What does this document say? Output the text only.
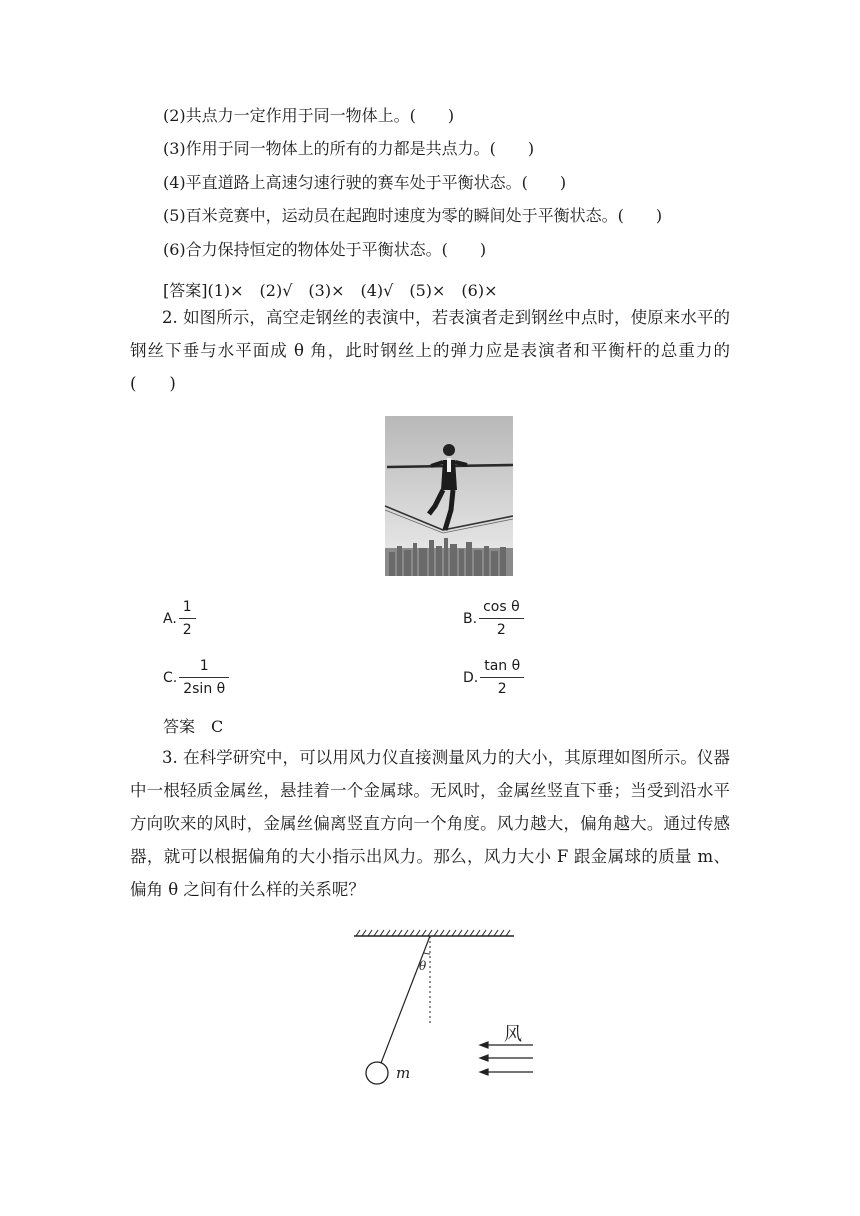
(2)共点力一定作用于同一物体上。(　　)
(3)作用于同一物体上的所有的力都是共点力。(　　)
(4)平直道路上高速匀速行驶的赛车处于平衡状态。(　　)
(5)百米竞赛中，运动员在起跑时速度为零的瞬间处于平衡状态。(　　)
(6)合力保持恒定的物体处于平衡状态。(　　)
[答案](1)×　(2)√　(3)×　(4)√　(5)×　(6)×
2. 如图所示，高空走钢丝的表演中，若表演者走到钢丝中点时，使原来水平的钢丝下垂与水平面成 θ 角，此时钢丝上的弹力应是表演者和平衡杆的总重力的(　　)
A. $\frac{1}{2}$	B. $\frac{\text{cos θ}}{2}$
C. $\frac{1}{\text{2sin θ}}$	D. $\frac{\text{tan θ}}{2}$
答案　C
3. 在科学研究中，可以用风力仪直接测量风力的大小，其原理如图所示。仪器中一根轻质金属丝，悬挂着一个金属球。无风时，金属丝竖直下垂；当受到沿水平方向吹来的风时，金属丝偏离竖直方向一个角度。风力越大，偏角越大。通过传感器，就可以根据偏角的大小指示出风力。那么，风力大小 F 跟金属球的质量 m、偏角 θ 之间有什么样的关系呢？
θ
m
风
